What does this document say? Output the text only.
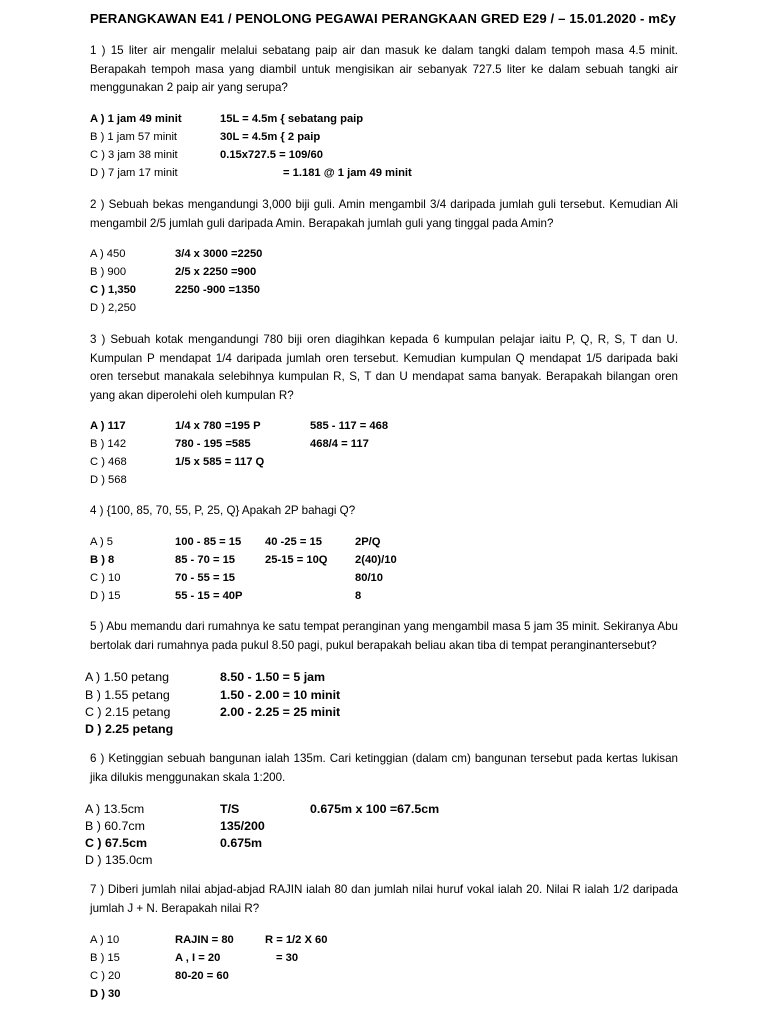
PERANGKAWAN E41 / PENOLONG PEGAWAI PERANGKAAN GRED E29 / – 15.01.2020 - mƐy
1 ) 15 liter air mengalir melalui sebatang paip air dan masuk ke dalam tangki dalam tempoh masa 4.5 minit. Berapakah tempoh masa yang diambil untuk mengisikan air sebanyak 727.5 liter ke dalam sebuah tangki air menggunakan 2 paip air yang serupa?
A ) 1 jam 49 minit
B ) 1 jam 57 minit
C ) 3 jam 38 minit
D ) 7 jam 17 minit
15L = 4.5m { sebatang paip
30L = 4.5m { 2 paip
0.15x727.5 = 109/60
= 1.181 @ 1 jam 49 minit
2 ) Sebuah bekas mengandungi 3,000 biji guli. Amin mengambil 3/4 daripada jumlah guli tersebut. Kemudian Ali mengambil 2/5 jumlah guli daripada Amin. Berapakah jumlah guli yang tinggal pada Amin?
A ) 450
B ) 900
C ) 1,350
D ) 2,250
3/4 x 3000 =2250
2/5 x 2250 =900
2250 -900 =1350
3 ) Sebuah kotak mengandungi 780 biji oren diagihkan kepada 6 kumpulan pelajar iaitu P, Q, R, S, T dan U. Kumpulan P mendapat 1/4 daripada jumlah oren tersebut. Kemudian kumpulan Q mendapat 1/5 daripada baki oren tersebut manakala selebihnya kumpulan R, S, T dan U mendapat sama banyak. Berapakah bilangan oren yang akan diperolehi oleh kumpulan R?
A ) 117
B ) 142
C ) 468
D ) 568
1/4 x 780 =195 P
780 - 195 =585
1/5 x 585 = 117 Q
585 - 117 = 468
468/4 = 117
4 ) {100, 85, 70, 55, P, 25, Q} Apakah 2P bahagi Q?
A ) 5
B ) 8
C ) 10
D ) 15
100 - 85 = 15
85 - 70 = 15
70 - 55 = 15
55 - 15 = 40P
40 -25 = 15
25-15 = 10Q
2P/Q
2(40)/10
80/10
8
5 ) Abu memandu dari rumahnya ke satu tempat peranginan yang mengambil masa 5 jam 35 minit. Sekiranya Abu bertolak dari rumahnya pada pukul 8.50 pagi, pukul berapakah beliau akan tiba di tempat peranginantersebut?
A ) 1.50 petang
B ) 1.55 petang
C ) 2.15 petang
D ) 2.25 petang
8.50 - 1.50 = 5 jam
1.50 - 2.00 = 10 minit
2.00 - 2.25 = 25 minit
6 ) Ketinggian sebuah bangunan ialah 135m. Cari ketinggian (dalam cm) bangunan tersebut pada kertas lukisan jika dilukis menggunakan skala 1:200.
A ) 13.5cm
B ) 60.7cm
C ) 67.5cm
D ) 135.0cm
T/S
135/200
0.675m
0.675m x 100 =67.5cm
7 ) Diberi jumlah nilai abjad-abjad RAJIN ialah 80 dan jumlah nilai huruf vokal ialah 20. Nilai R ialah 1/2 daripada jumlah J + N. Berapakah nilai R?
A ) 10
B ) 15
C ) 20
D ) 30
RAJIN = 80
A , I = 20
80-20 = 60
R = 1/2 X 60
= 30
